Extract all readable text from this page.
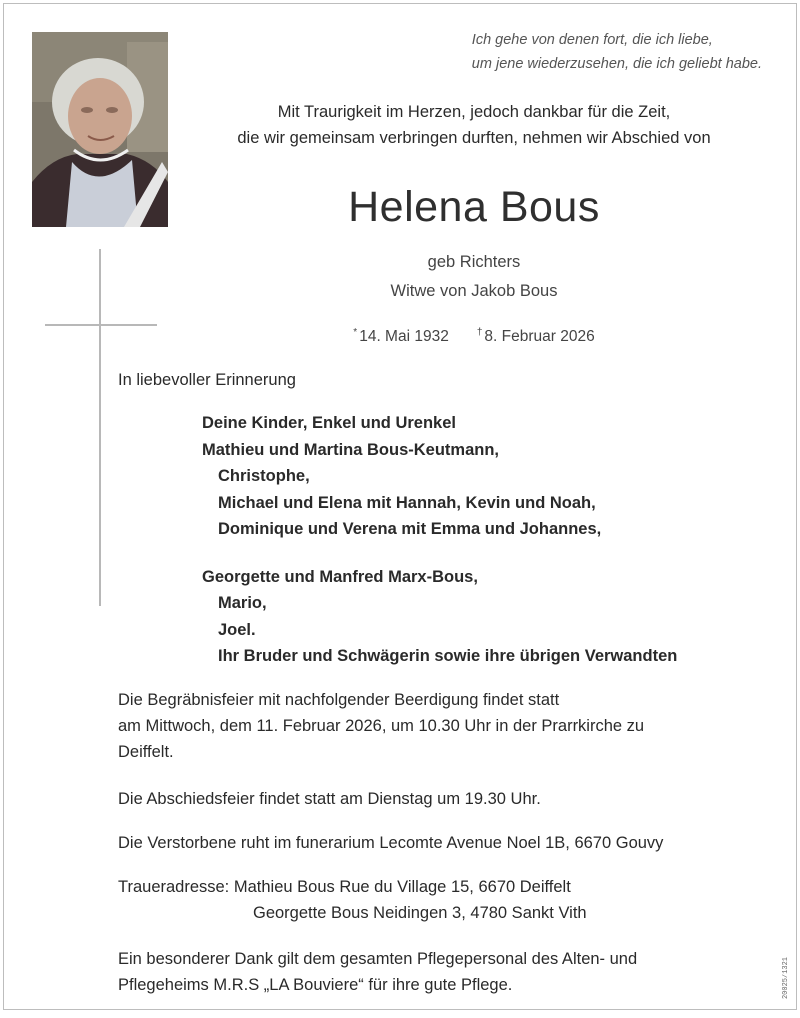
Ich gehe von denen fort, die ich liebe,
um jene wiederzusehen, die ich geliebt habe.
Mit Traurigkeit im Herzen, jedoch dankbar für die Zeit,
die wir gemeinsam verbringen durften, nehmen wir Abschied von
Helena Bous
geb Richters
Witwe von Jakob Bous
* 14. Mai 1932	† 8. Februar 2026
In liebevoller Erinnerung
Deine Kinder, Enkel und Urenkel
Mathieu und Martina Bous-Keutmann,
Christophe,
Michael und Elena mit Hannah, Kevin und Noah,
Dominique und Verena mit Emma und Johannes,
Georgette und Manfred Marx-Bous,
Mario,
Joel.
Ihr Bruder und Schwägerin sowie ihre übrigen Verwandten
Die Begräbnisfeier mit nachfolgender Beerdigung findet statt
am Mittwoch, dem 11. Februar 2026, um 10.30 Uhr in der Prarrkirche zu
Deiffelt.
Die Abschiedsfeier findet statt am Dienstag um 19.30 Uhr.
Die Verstorbene ruht im funerarium Lecomte Avenue Noel 1B, 6670 Gouvy
Traueradresse: Mathieu Bous Rue du Village 15, 6670 Deiffelt
Georgette Bous Neidingen 3, 4780 Sankt Vith
Ein besonderer Dank gilt dem gesamten Pflegepersonal des Alten- und
Pflegeheims M.R.S „LA Bouviere“ für ihre gute Pflege.	20025/1321
